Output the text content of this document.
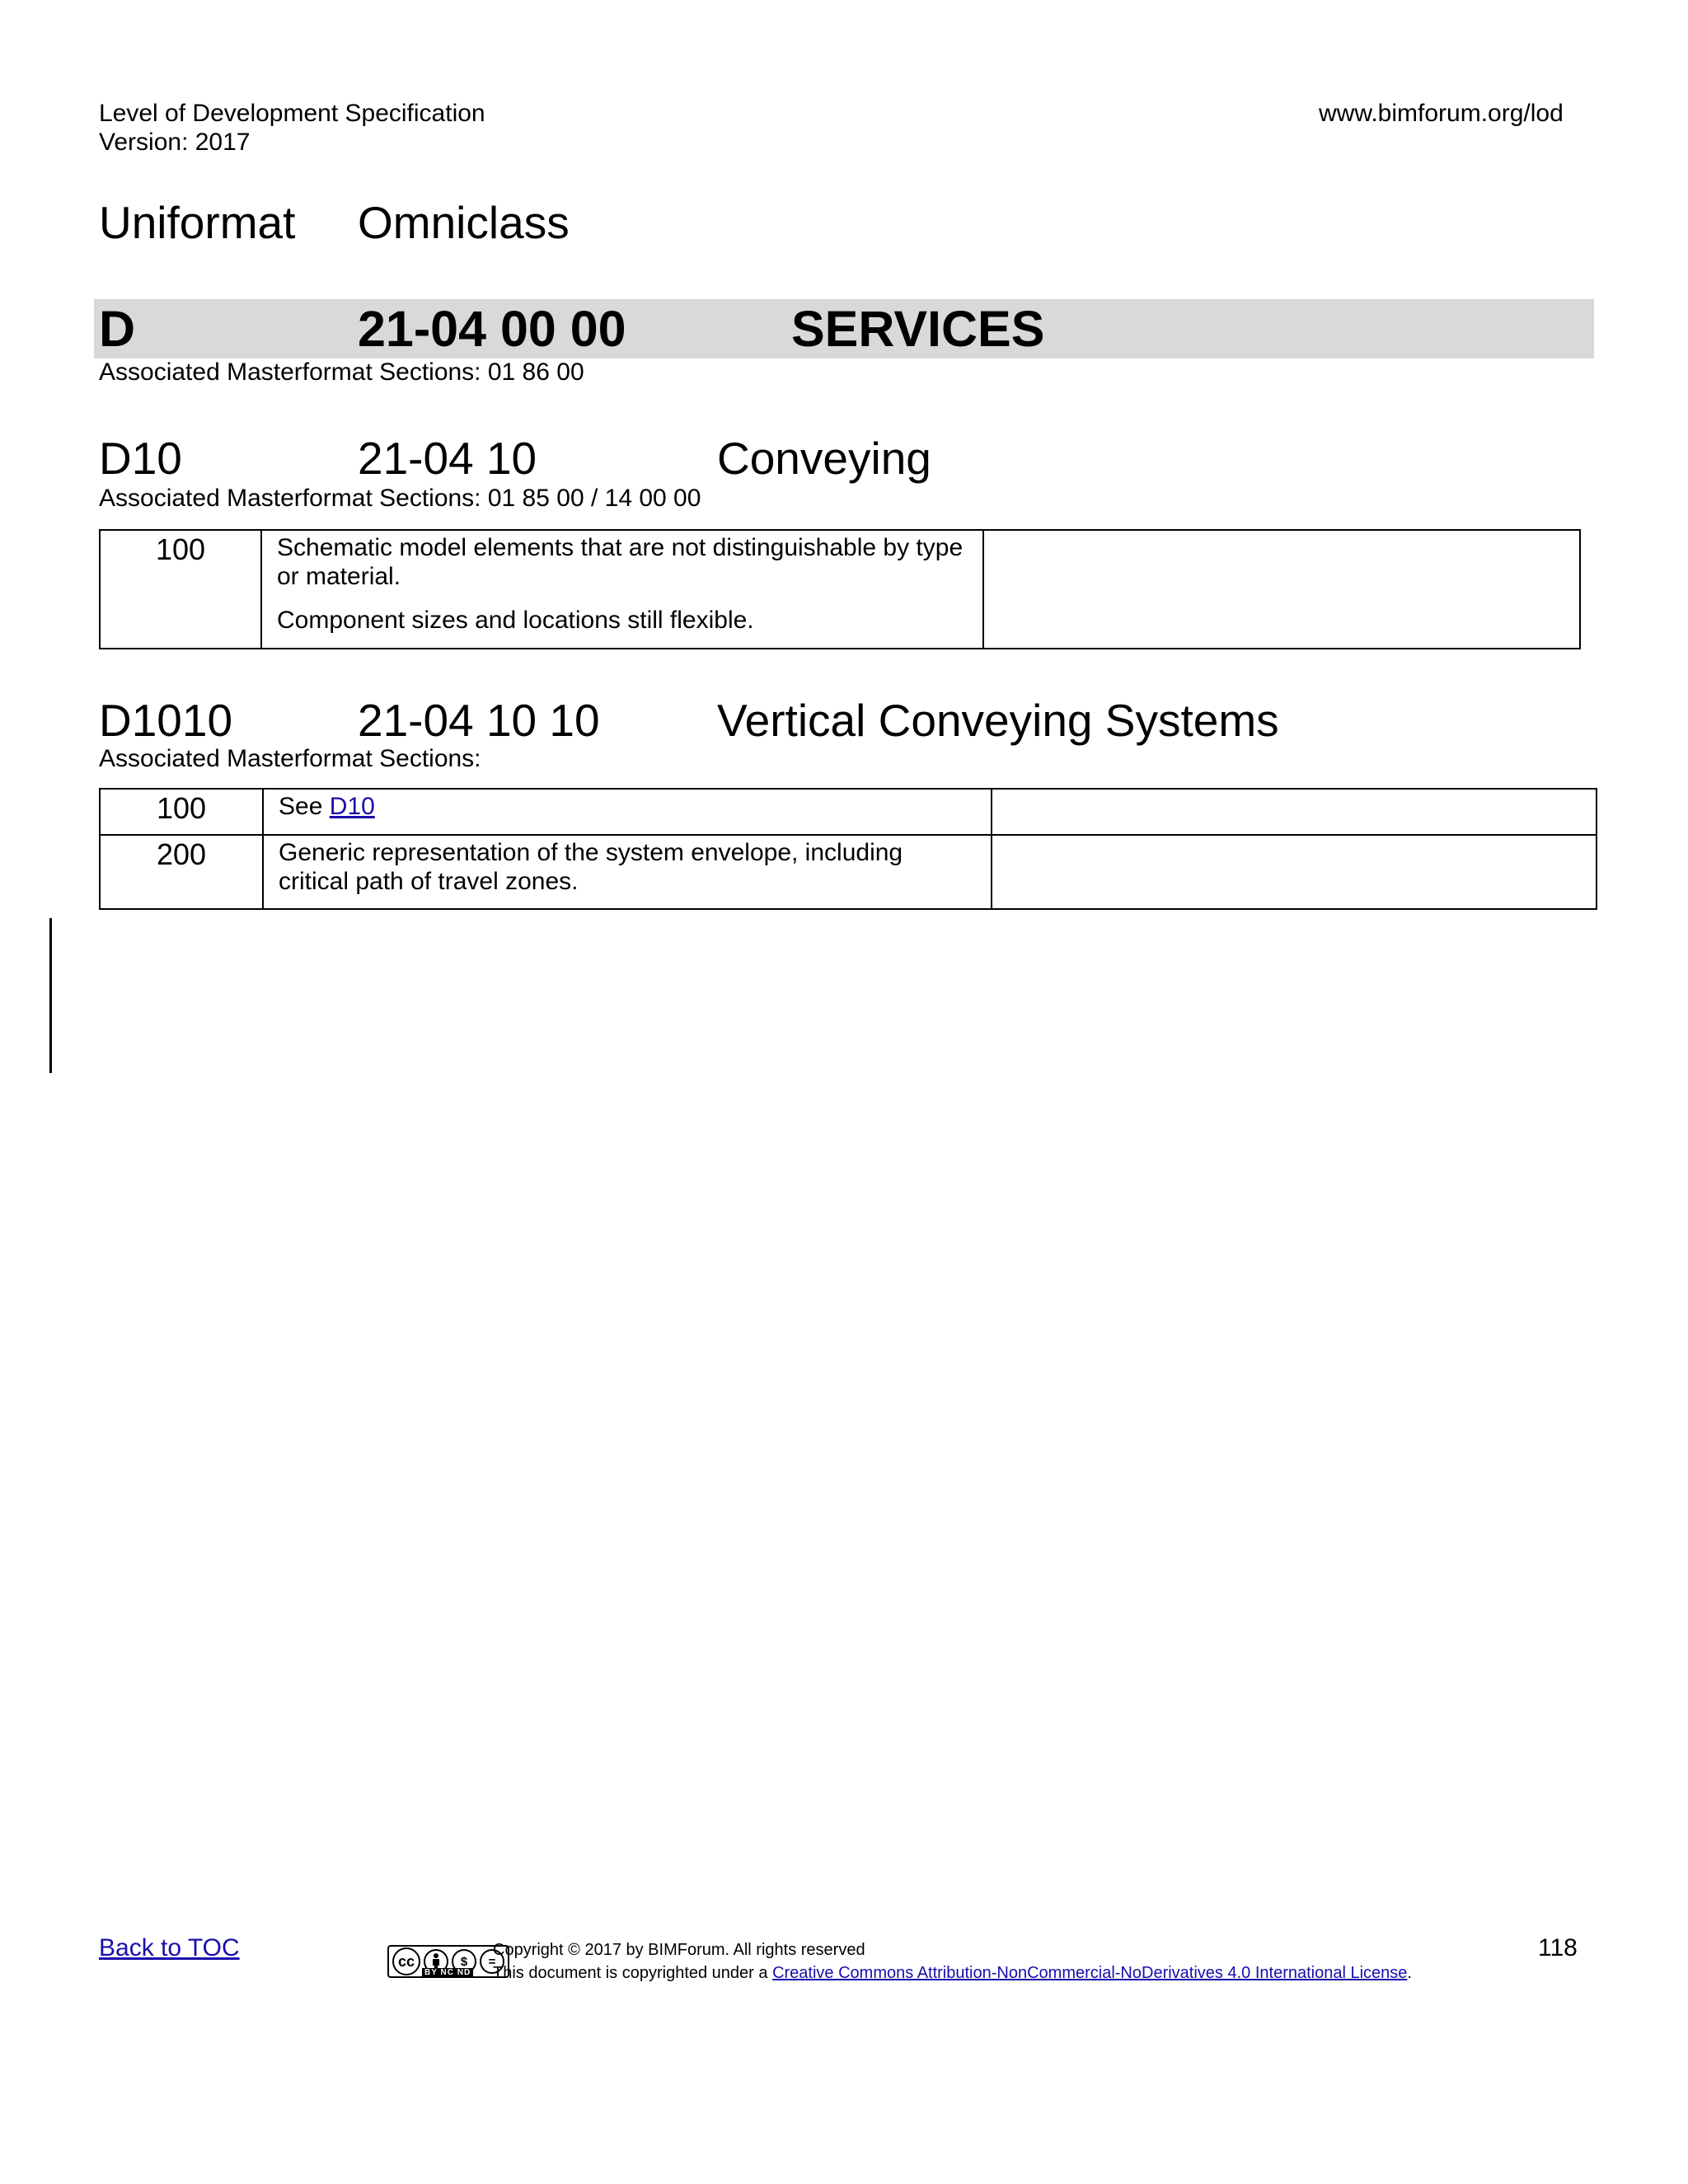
Level of Development Specification
Version: 2017
www.bimforum.org/lod
Uniformat Omniclass
D	21-04 00 00	SERVICES
Associated Masterformat Sections: 01 86 00
D10	21-04 10	Conveying
Associated Masterformat Sections: 01 85 00 / 14 00 00
100	Schematic model elements that are not distinguishable by type or material.

Component sizes and locations still flexible.

D1010	21-04 10 10	Vertical Conveying Systems
Associated Masterformat Sections:
100	See D10	
200	Generic representation of the system envelope, including critical path of travel zones.	
Back to TOC	cc	$	=
BY NC ND
Copyright © 2017 by BIMForum. All rights reserved
This document is copyrighted under a Creative Commons Attribution-NonCommercial-NoDerivatives 4.0 International License.
118
